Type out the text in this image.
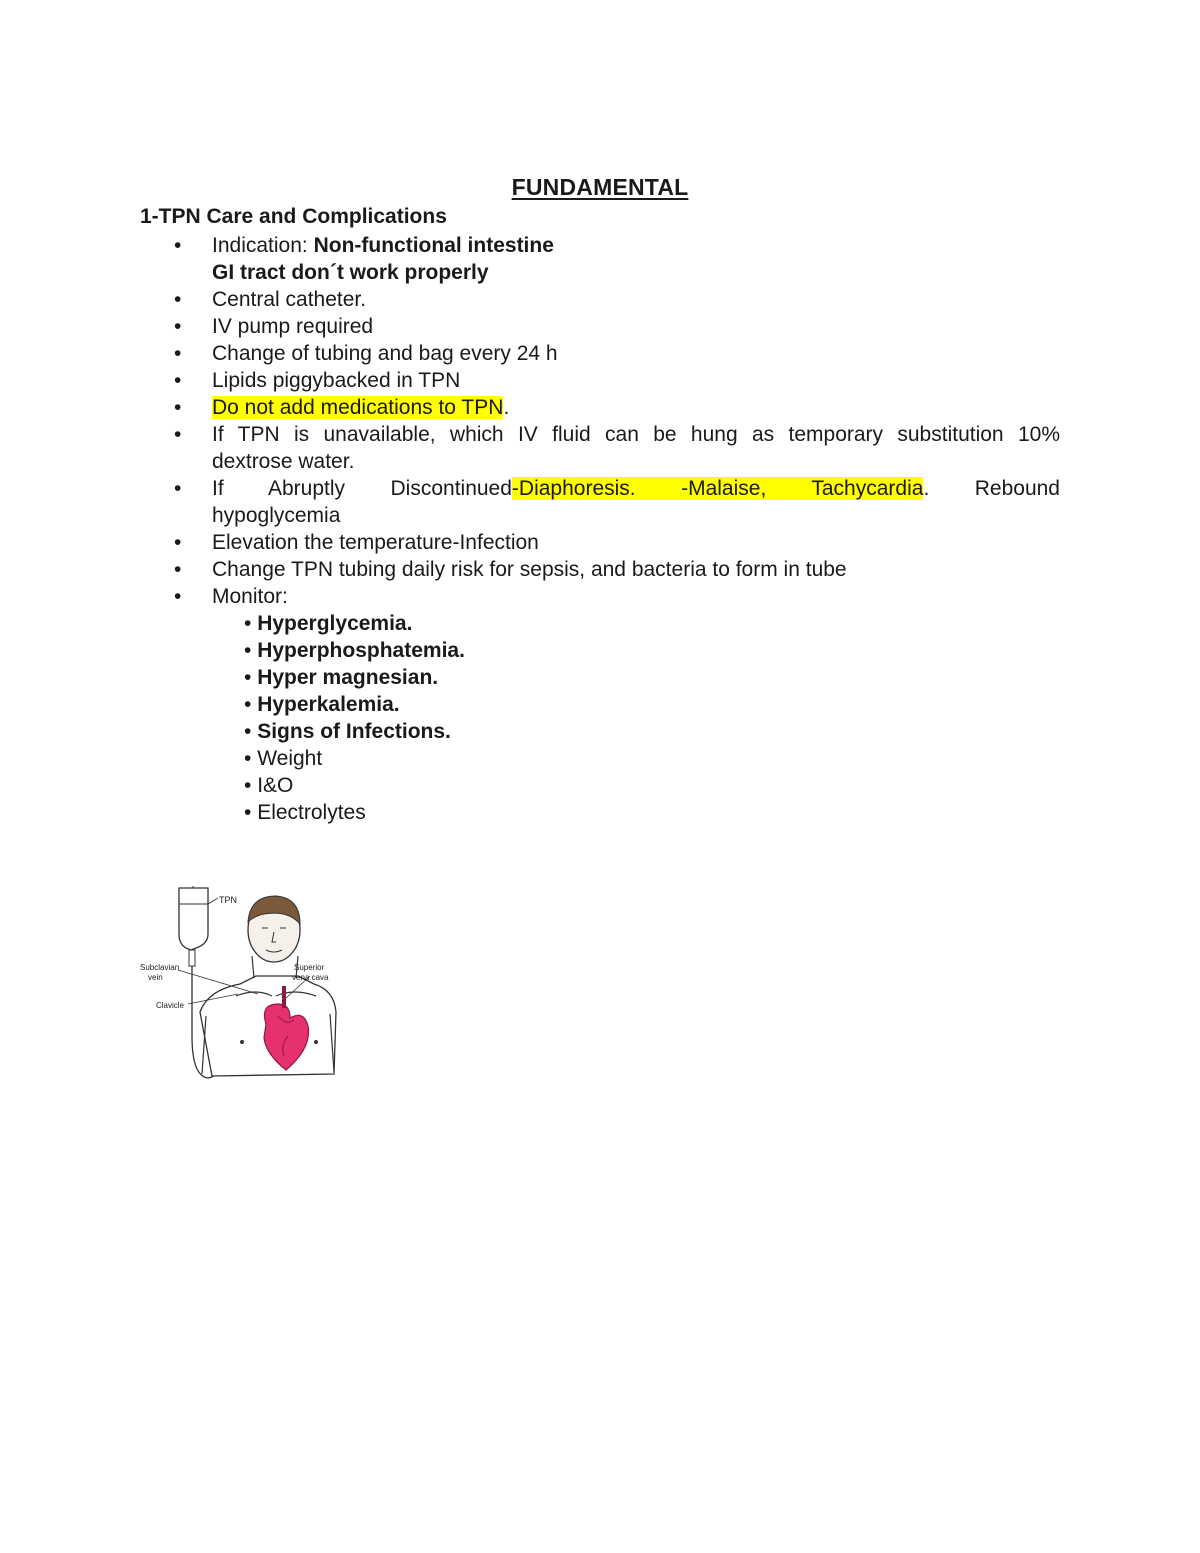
FUNDAMENTAL
1-TPN Care and Complications
•	Indication: Non-functional intestine
GI tract don´t work properly
•	Central catheter.
•	IV pump required
•	Change of tubing and bag every 24 h
•	Lipids piggybacked in TPN
•	Do not add medications to TPN.
•	If TPN is unavailable, which IV fluid can be hung as temporary substitution 10%
dextrose water.
•	If Abruptly Discontinued-Diaphoresis. -Malaise, Tachycardia. Rebound
hypoglycemia
•	Elevation the temperature-Infection
•	Change TPN tubing daily risk for sepsis, and bacteria to form in tube
•	Monitor:
• Hyperglycemia.
• Hyperphosphatemia.
• Hyper magnesian.
• Hyperkalemia.
• Signs of Infections.
• Weight
• I&O
• Electrolytes
TPN
Subclavian
vein
Clavicle
Superior
vena cava
